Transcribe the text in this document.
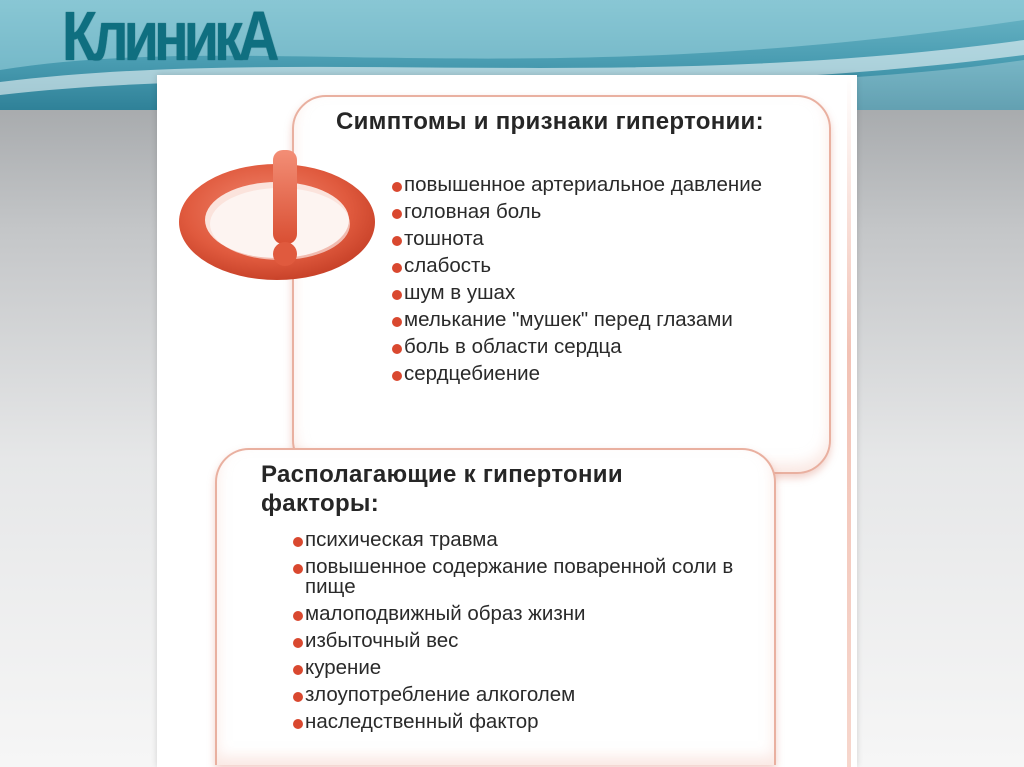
КлиникА
Симптомы и признаки гипертонии:
повышенное артериальное давление
головная боль
тошнота
слабость
шум в ушах
мелькание "мушек" перед глазами
боль в области сердца
сердцебиение
Располагающие к гипертонии факторы:
психическая травма
повышенное содержание поваренной соли в пище
малоподвижный образ жизни
избыточный вес
курение
злоупотребление алкоголем
наследственный фактор
